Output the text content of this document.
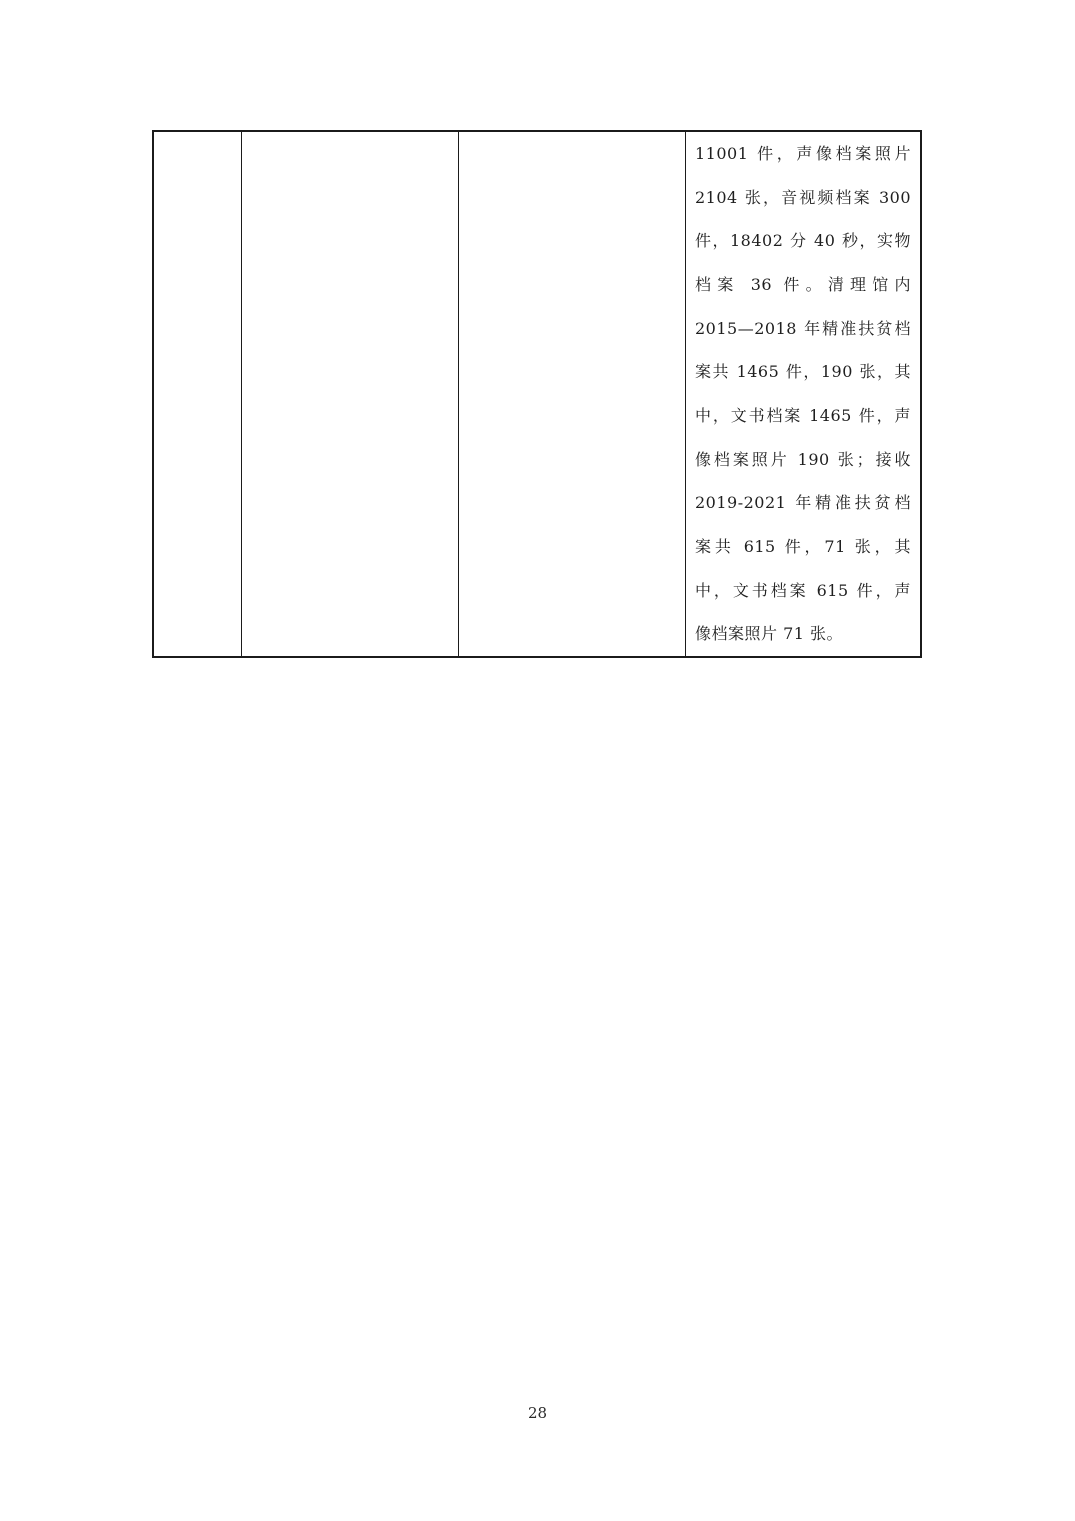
11001 件，声像档案照片
2104 张，音视频档案 300
件，18402 分 40 秒，实物
档案 36 件。清理馆内
2015—2018 年精准扶贫档
案共 1465 件，190 张，其
中，文书档案 1465 件，声
像档案照片 190 张；接收
2019-2021 年精准扶贫档
案共 615 件，71 张，其
中，文书档案 615 件，声
像档案照片 71 张。
28
